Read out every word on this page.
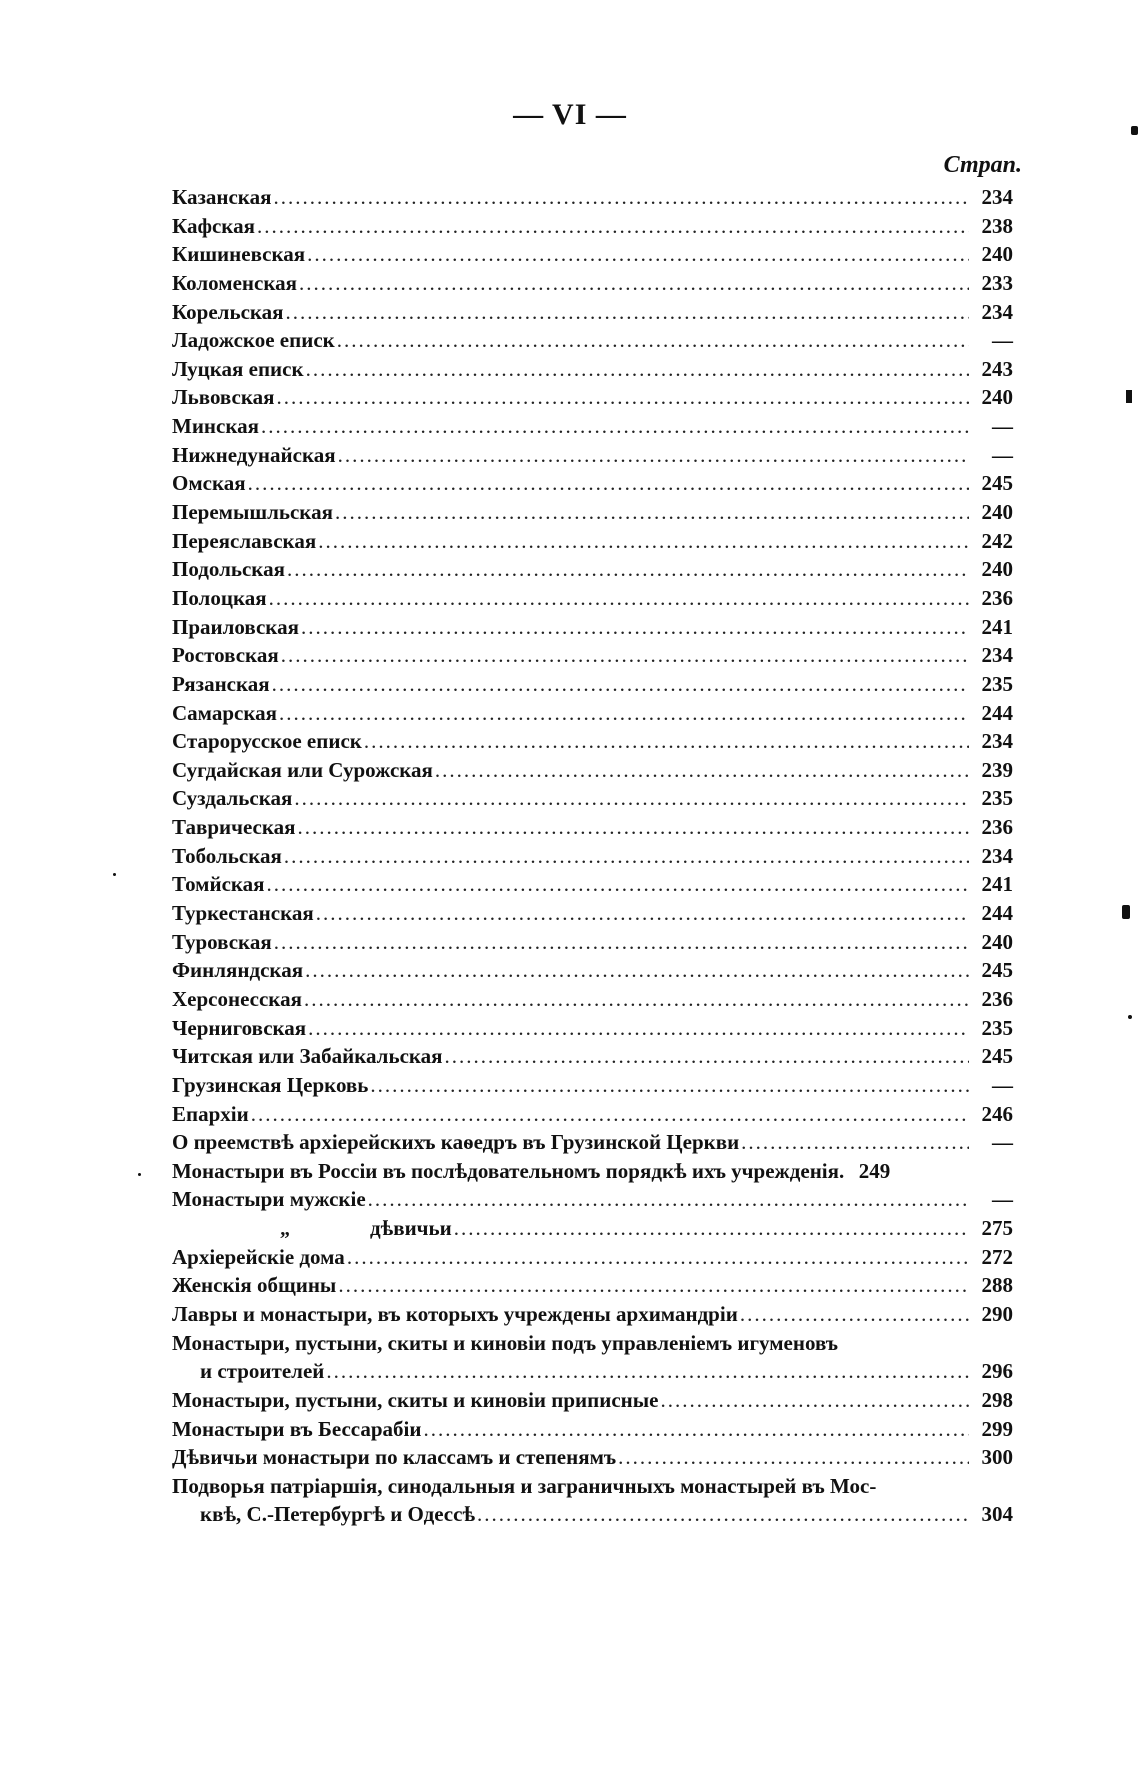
— VI —
Страп.
Казанская .....	234
Кафская .....	238
Кишиневская .....	240
Коломенская .....	233
Корельская .....	234
Ладожское еписк .....	—
Луцкая еписк .....	243
Львовская .....	240
Минская .....	—
Нижнедунайская .....	—
Омская .....	245
Перемышльская .....	240
Переяславская .....	242
Подольская .....	240
Полоцкая .....	236
Праиловская .....	241
Ростовская .....	234
Рязанская .....	235
Самарская .....	244
Старорусское еписк .....	234
Сугдайская или Сурожская .....	239
Суздальская .....	235
Таврическая .....	236
Тобольская .....	234
Томйская .....	241
Туркестанская .....	244
Туровская .....	240
Финляндская .....	245
Херсонесская .....	236
Черниговская .....	235
Читская или Забайкальская .....	245
Грузинская Церковь .....	—
Епархіи .....	246
О преемствѣ архіерейскихъ каѳедръ въ Грузинской Церкви .....	—
Монастыри въ Россіи въ послѣдовательномъ порядкѣ ихъ учрежденія. 249
Монастыри мужскіе .....	—
„	дѣвичьи .....	275
Архіерейскіе дома .....	272
Женскія общины .....	288
Лавры и монастыри, въ которыхъ учреждены архимандріи .....	290
Монастыри, пустыни, скиты и киновіи подъ управленіемъ игуменовъ
и строителей .....	296
Монастыри, пустыни, скиты и киновіи приписные .....	298
Монастыри въ Бессарабіи .....	299
Дѣвичьи монастыри по классамъ и степенямъ .....	300
Подворья патріаршія, синодальныя и заграничныхъ монастырей въ Мос-
квѣ, С.-Петербургѣ и Одессѣ .....	304
